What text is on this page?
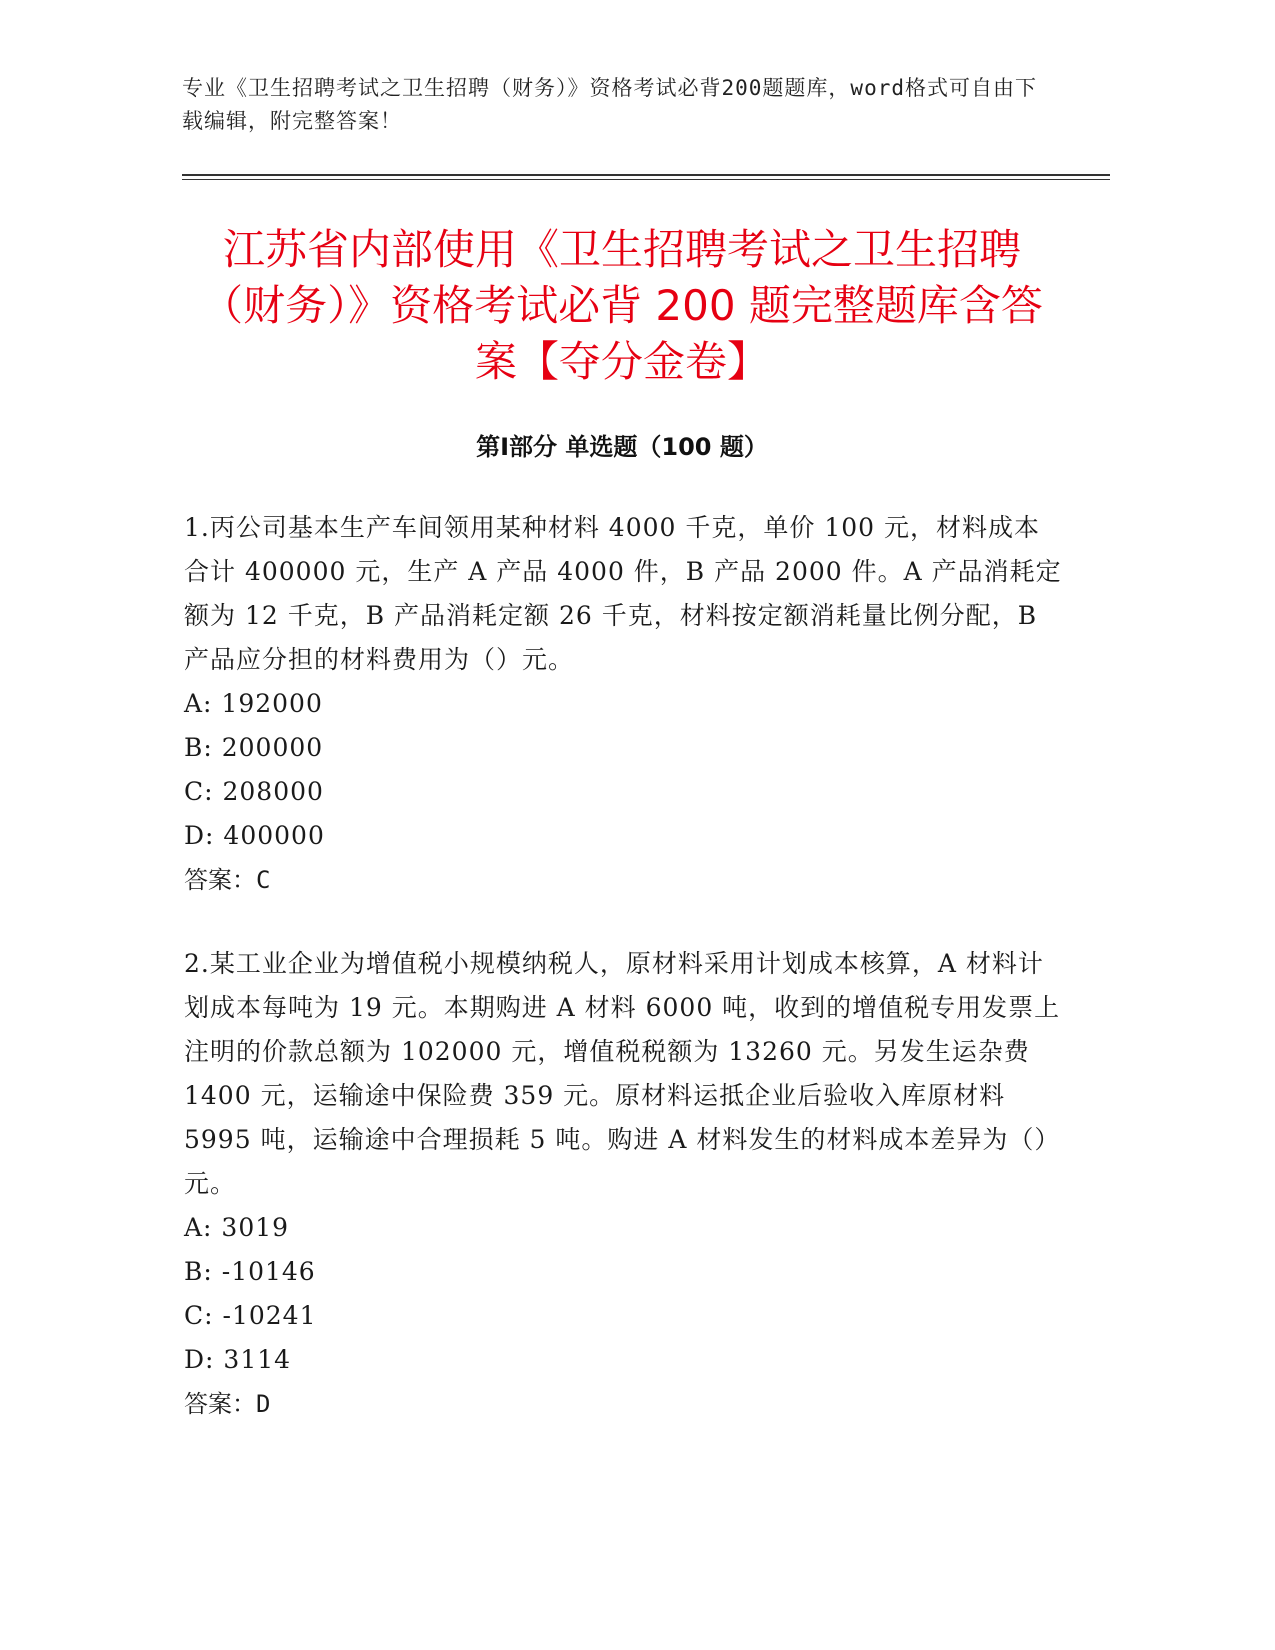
专业《卫生招聘考试之卫生招聘（财务）》资格考试必背200题题库，word格式可自由下载编辑，附完整答案！
江苏省内部使用《卫生招聘考试之卫生招聘（财务）》资格考试必背 200 题完整题库含答案【夺分金卷】
第Ⅰ部分 单选题（100 题）

1.丙公司基本生产车间领用某种材料 4000 千克，单价 100 元，材料成本合计 400000 元，生产 A 产品 4000 件，B 产品 2000 件。A 产品消耗定额为 12 千克，B 产品消耗定额 26 千克，材料按定额消耗量比例分配，B 产品应分担的材料费用为（）元。

A: 192000

B: 200000

C: 208000

D: 400000

答案：C

2.某工业企业为增值税小规模纳税人，原材料采用计划成本核算，A 材料计划成本每吨为 19 元。本期购进 A 材料 6000 吨，收到的增值税专用发票上注明的价款总额为 102000 元，增值税税额为 13260 元。另发生运杂费 1400 元，运输途中保险费 359 元。原材料运抵企业后验收入库原材料 5995 吨，运输途中合理损耗 5 吨。购进 A 材料发生的材料成本差异为（）元。

A: 3019

B: -10146

C: -10241

D: 3114

答案：D
